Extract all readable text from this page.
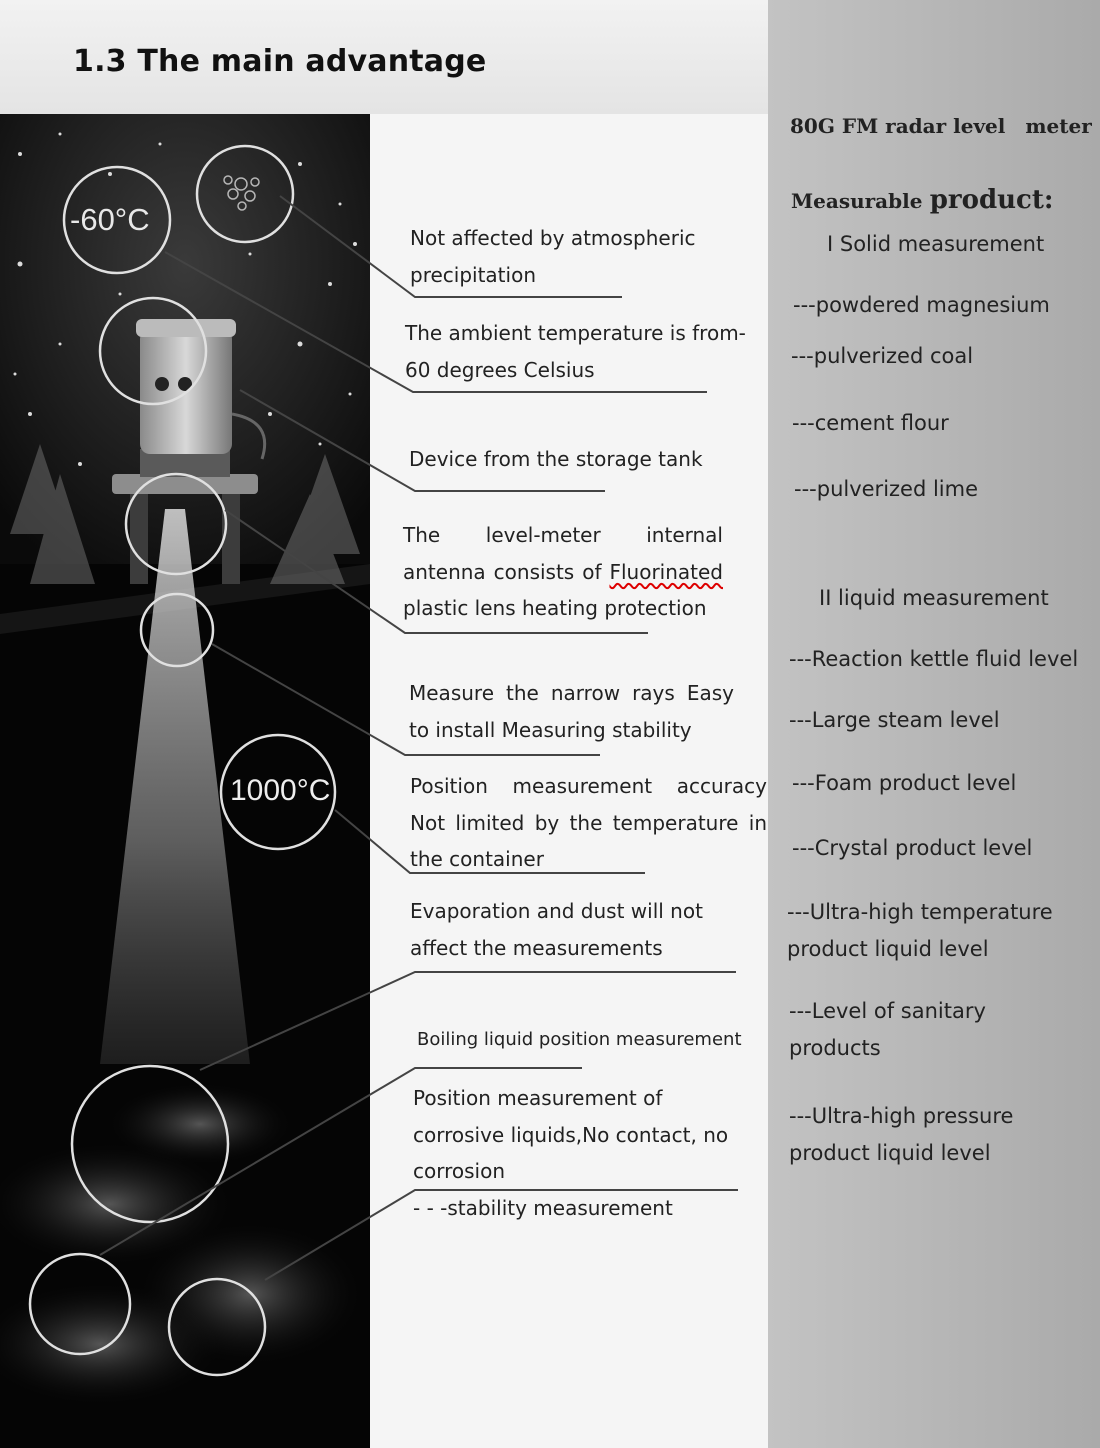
1.3 The main advantage
-60°C
1000°C
Not affected by atmospheric precipitation
The ambient temperature is from-60 degrees Celsius
Device from the storage tank
The level-meter internal antenna consists of Fluorinated plastic lens heating protection
Measure the narrow rays Easy to install Measuring stability
Position measurement accuracy Not limited by the temperature in the container
Evaporation and dust will not affect the measurements
Boiling liquid position measurement
Position measurement of corrosive liquids,No contact, no corrosion
- - -stability measurement
80G FM radar level　meter
Measurable product:
I Solid measurement
---powdered magnesium
---pulverized coal
---cement flour
---pulverized lime
II liquid measurement
---Reaction kettle fluid level
---Large steam level
---Foam product level
---Crystal product level
---Ultra-high temperature product liquid level
---Level of sanitary products
---Ultra-high pressure product liquid level
